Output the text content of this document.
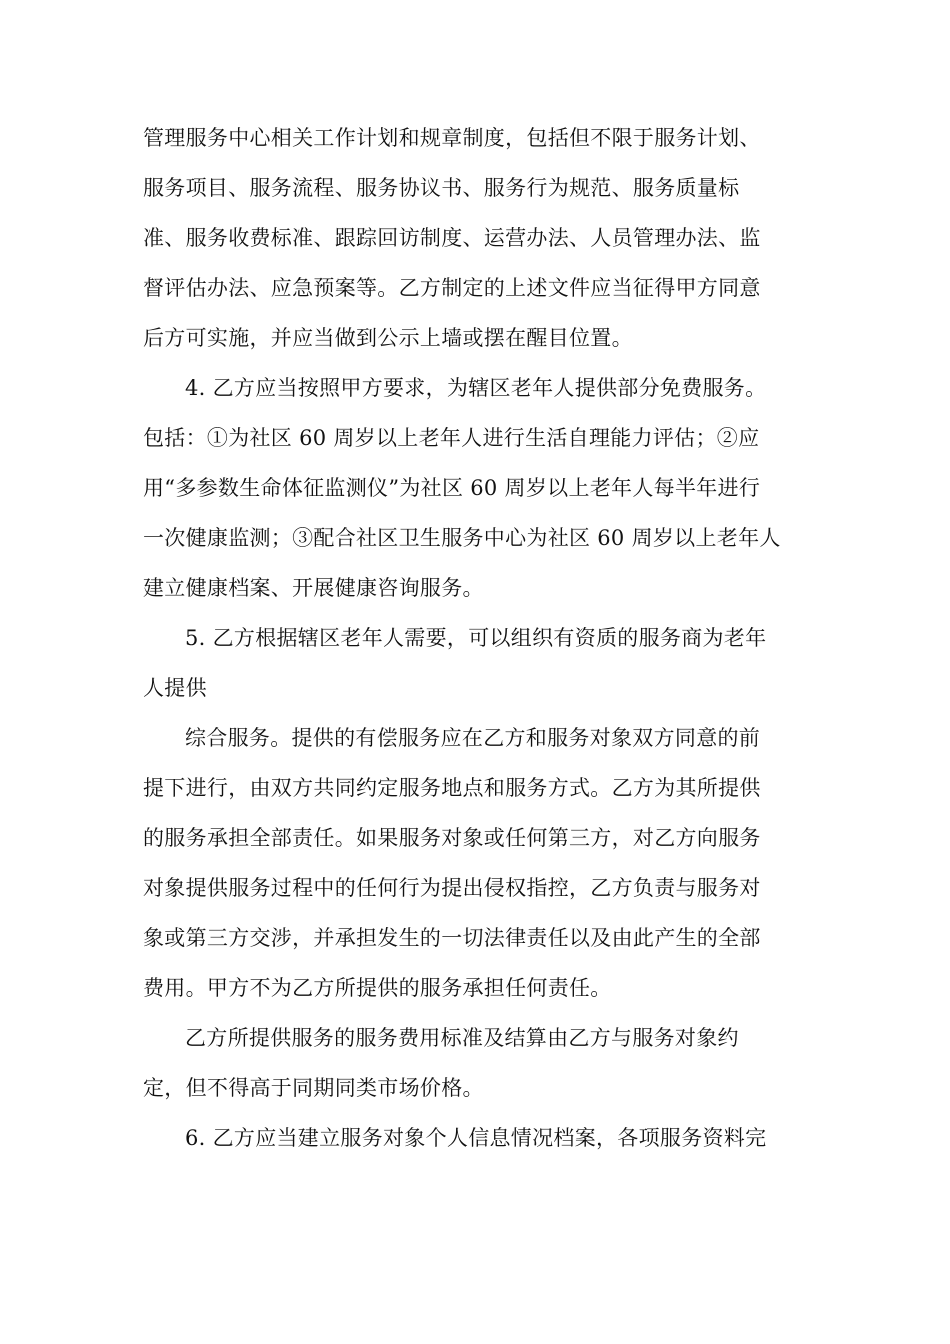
管理服务中心相关工作计划和规章制度，包括但不限于服务计划、

服务项目、服务流程、服务协议书、服务行为规范、服务质量标

准、服务收费标准、跟踪回访制度、运营办法、人员管理办法、监

督评估办法、应急预案等。乙方制定的上述文件应当征得甲方同意

后方可实施，并应当做到公示上墙或摆在醒目位置。

4. 乙方应当按照甲方要求，为辖区老年人提供部分免费服务。

包括：①为社区 60 周岁以上老年人进行生活自理能力评估；②应

用“多参数生命体征监测仪”为社区 60 周岁以上老年人每半年进行

一次健康监测；③配合社区卫生服务中心为社区 60 周岁以上老年人

建立健康档案、开展健康咨询服务。

5. 乙方根据辖区老年人需要，可以组织有资质的服务商为老年

人提供

综合服务。提供的有偿服务应在乙方和服务对象双方同意的前

提下进行，由双方共同约定服务地点和服务方式。乙方为其所提供

的服务承担全部责任。如果服务对象或任何第三方，对乙方向服务

对象提供服务过程中的任何行为提出侵权指控，乙方负责与服务对

象或第三方交涉，并承担发生的一切法律责任以及由此产生的全部

费用。甲方不为乙方所提供的服务承担任何责任。

乙方所提供服务的服务费用标准及结算由乙方与服务对象约

定，但不得高于同期同类市场价格。

6. 乙方应当建立服务对象个人信息情况档案，各项服务资料完
